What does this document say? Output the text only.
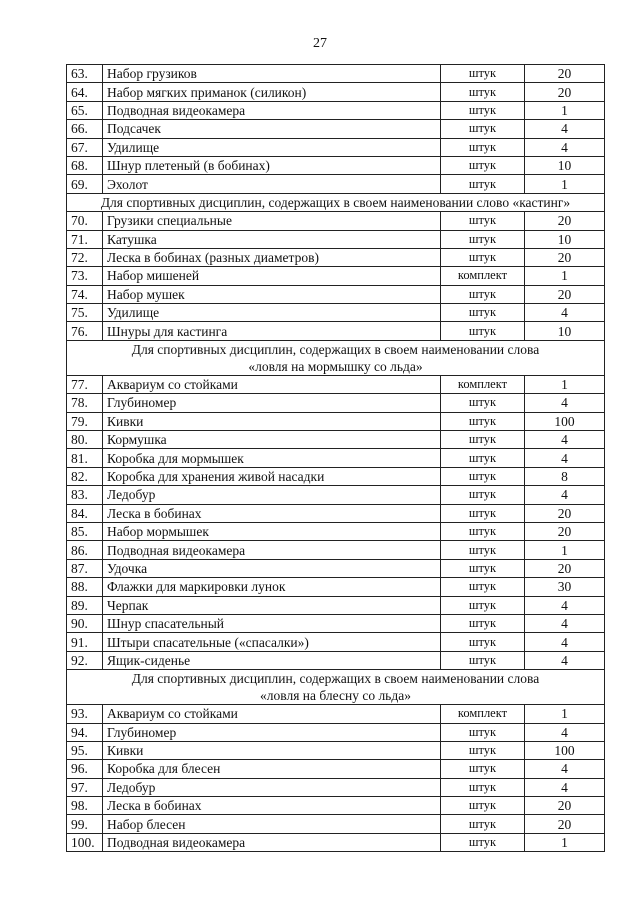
27
63.	Набор грузиков	штук	20
64.	Набор мягких приманок (силикон)	штук	20
65.	Подводная видеокамера	штук	1
66.	Подсачек	штук	4
67.	Удилище	штук	4
68.	Шнур плетеный (в бобинах)	штук	10
69.	Эхолот	штук	1

Для спортивных дисциплин, содержащих в своем наименовании слово «кастинг»			

70.	Грузики специальные	штук	20
71.	Катушка	штук	10
72.	Леска в бобинах (разных диаметров)	штук	20
73.	Набор мишеней	комплект	1
74.	Набор мушек	штук	20
75.	Удилище	штук	4
76.	Шнуры для кастинга	штук	10

Для спортивных дисциплин, содержащих в своем наименовании слова
«ловля на мормышку со льда»			

77.	Аквариум со стойками	комплект	1
78.	Глубиномер	штук	4
79.	Кивки	штук	100
80.	Кормушка	штук	4
81.	Коробка для мормышек	штук	4
82.	Коробка для хранения живой насадки	штук	8
83.	Ледобур	штук	4
84.	Леска в бобинах	штук	20
85.	Набор мормышек	штук	20
86.	Подводная видеокамера	штук	1
87.	Удочка	штук	20
88.	Флажки для маркировки лунок	штук	30
89.	Черпак	штук	4
90.	Шнур спасательный	штук	4
91.	Штыри спасательные («спасалки»)	штук	4
92.	Ящик-сиденье	штук	4

Для спортивных дисциплин, содержащих в своем наименовании слова
«ловля на блесну со льда»			

93.	Аквариум со стойками	комплект	1
94.	Глубиномер	штук	4
95.	Кивки	штук	100
96.	Коробка для блесен	штук	4
97.	Ледобур	штук	4
98.	Леска в бобинах	штук	20
99.	Набор блесен	штук	20
100.	Подводная видеокамера	штук	1
